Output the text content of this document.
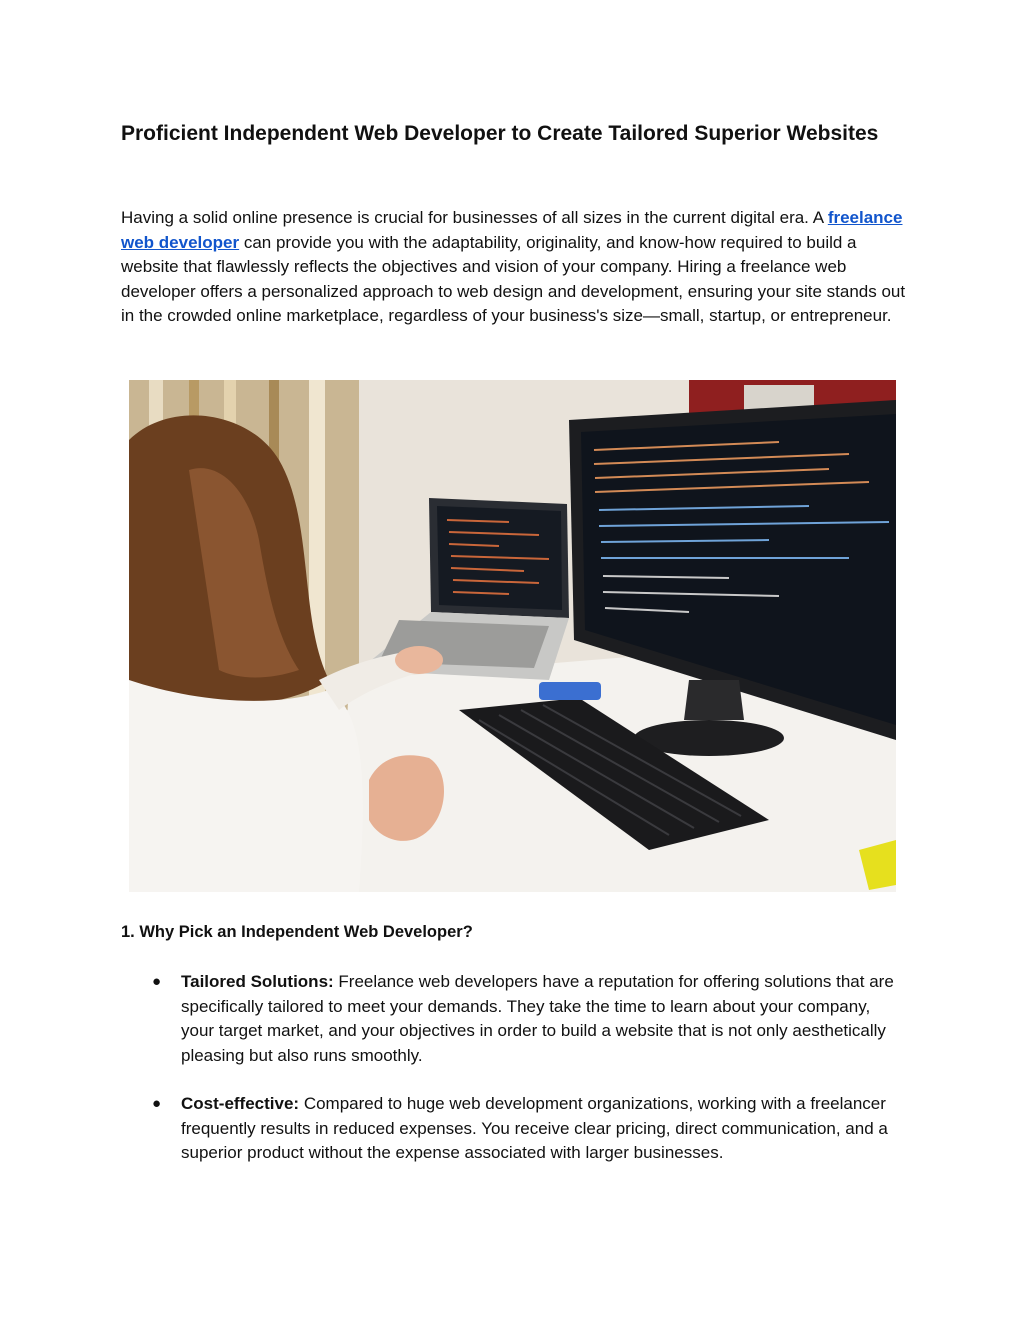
Proficient Independent Web Developer to Create Tailored Superior Websites

Having a solid online presence is crucial for businesses of all sizes in the current digital era. A freelance web developer can provide you with the adaptability, originality, and know-how required to build a website that flawlessly reflects the objectives and vision of your company. Hiring a freelance web developer offers a personalized approach to web design and development, ensuring your site stands out in the crowded online marketplace, regardless of your business's size—small, startup, or entrepreneur.

1. Why Pick an Independent Web Developer?
● Tailored Solutions: Freelance web developers have a reputation for offering solutions that are specifically tailored to meet your demands. They take the time to learn about your company, your target market, and your objectives in order to build a website that is not only aesthetically pleasing but also runs smoothly.
● Cost-effective: Compared to huge web development organizations, working with a freelancer frequently results in reduced expenses. You receive clear pricing, direct communication, and a superior product without the expense associated with larger businesses.
